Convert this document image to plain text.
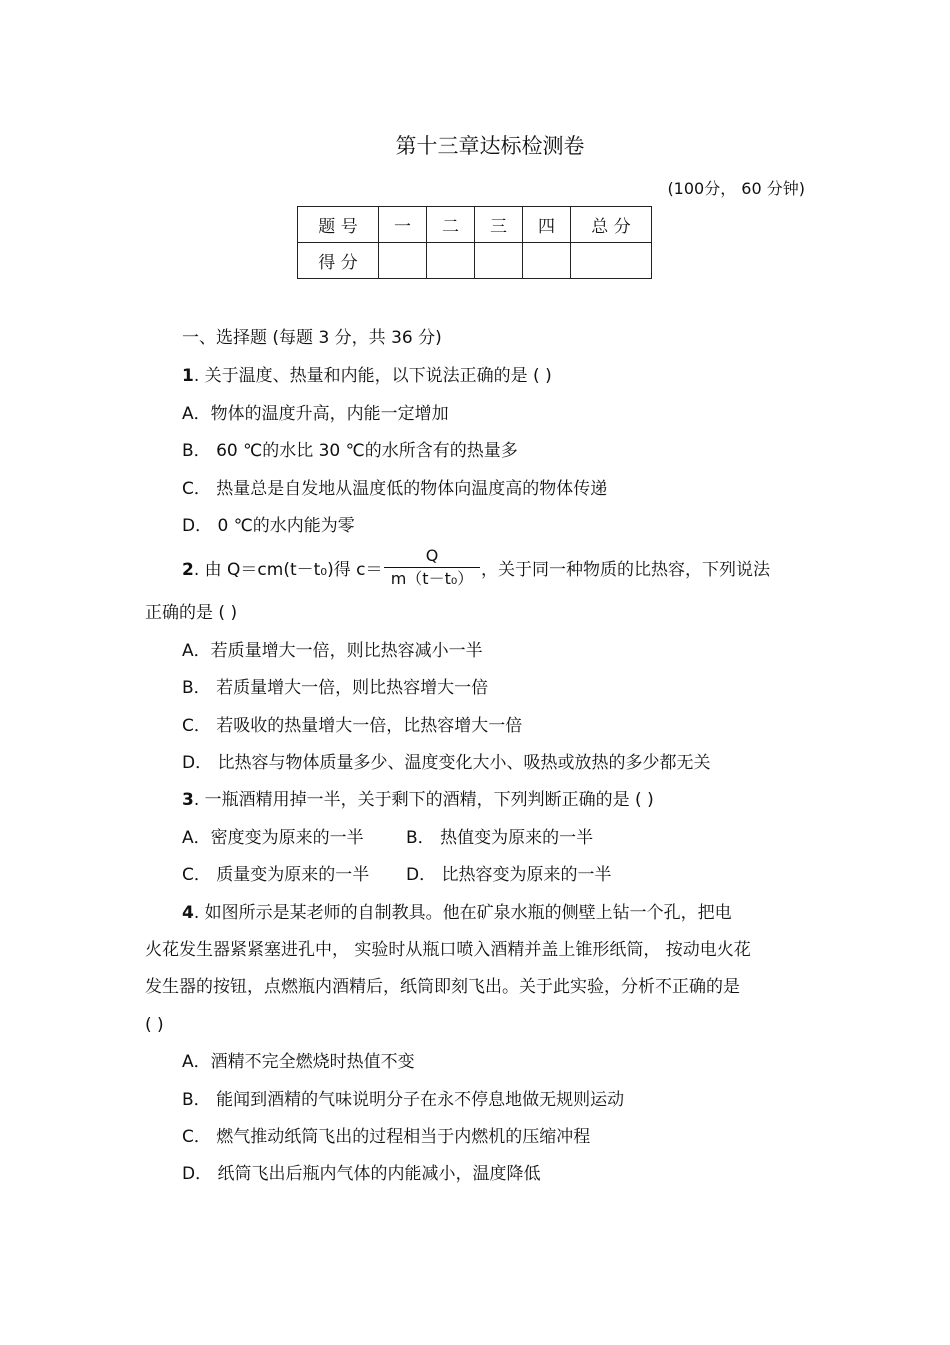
第十三章达标检测卷
(100分， 60 分钟)
题 号	一	二	三	四	总 分
得 分					
一、选择题 (每题 3 分，共 36 分)
1. 关于温度、热量和内能，以下说法正确的是 ( )
A．物体的温度升高，内能一定增加
B． 60 ℃的水比 30 ℃的水所含有的热量多
C． 热量总是自发地从温度低的物体向温度高的物体传递
D． 0 ℃的水内能为零
2. 由 Q＝cm(t－t₀)得 $c= \frac{Q}{\text{m（t－t₀）}}$ ，关于同一种物质的比热容，下列说法
正确的是 ( )
A．若质量增大一倍，则比热容减小一半
B． 若质量增大一倍，则比热容增大一倍
C． 若吸收的热量增大一倍，比热容增大一倍
D． 比热容与物体质量多少、温度变化大小、吸热或放热的多少都无关
3. 一瓶酒精用掉一半，关于剩下的酒精，下列判断正确的是 ( )
A．密度变为原来的一半 B． 热值变为原来的一半
C． 质量变为原来的一半 D． 比热容变为原来的一半
4. 如图所示是某老师的自制教具。他在矿泉水瓶的侧壁上钻一个孔，把电
火花发生器紧紧塞进孔中， 实验时从瓶口喷入酒精并盖上锥形纸筒， 按动电火花
发生器的按钮，点燃瓶内酒精后，纸筒即刻飞出。关于此实验，分析不正确的是
( )
A．酒精不完全燃烧时热值不变
B． 能闻到酒精的气味说明分子在永不停息地做无规则运动
C． 燃气推动纸筒飞出的过程相当于内燃机的压缩冲程
D． 纸筒飞出后瓶内气体的内能减小，温度降低
